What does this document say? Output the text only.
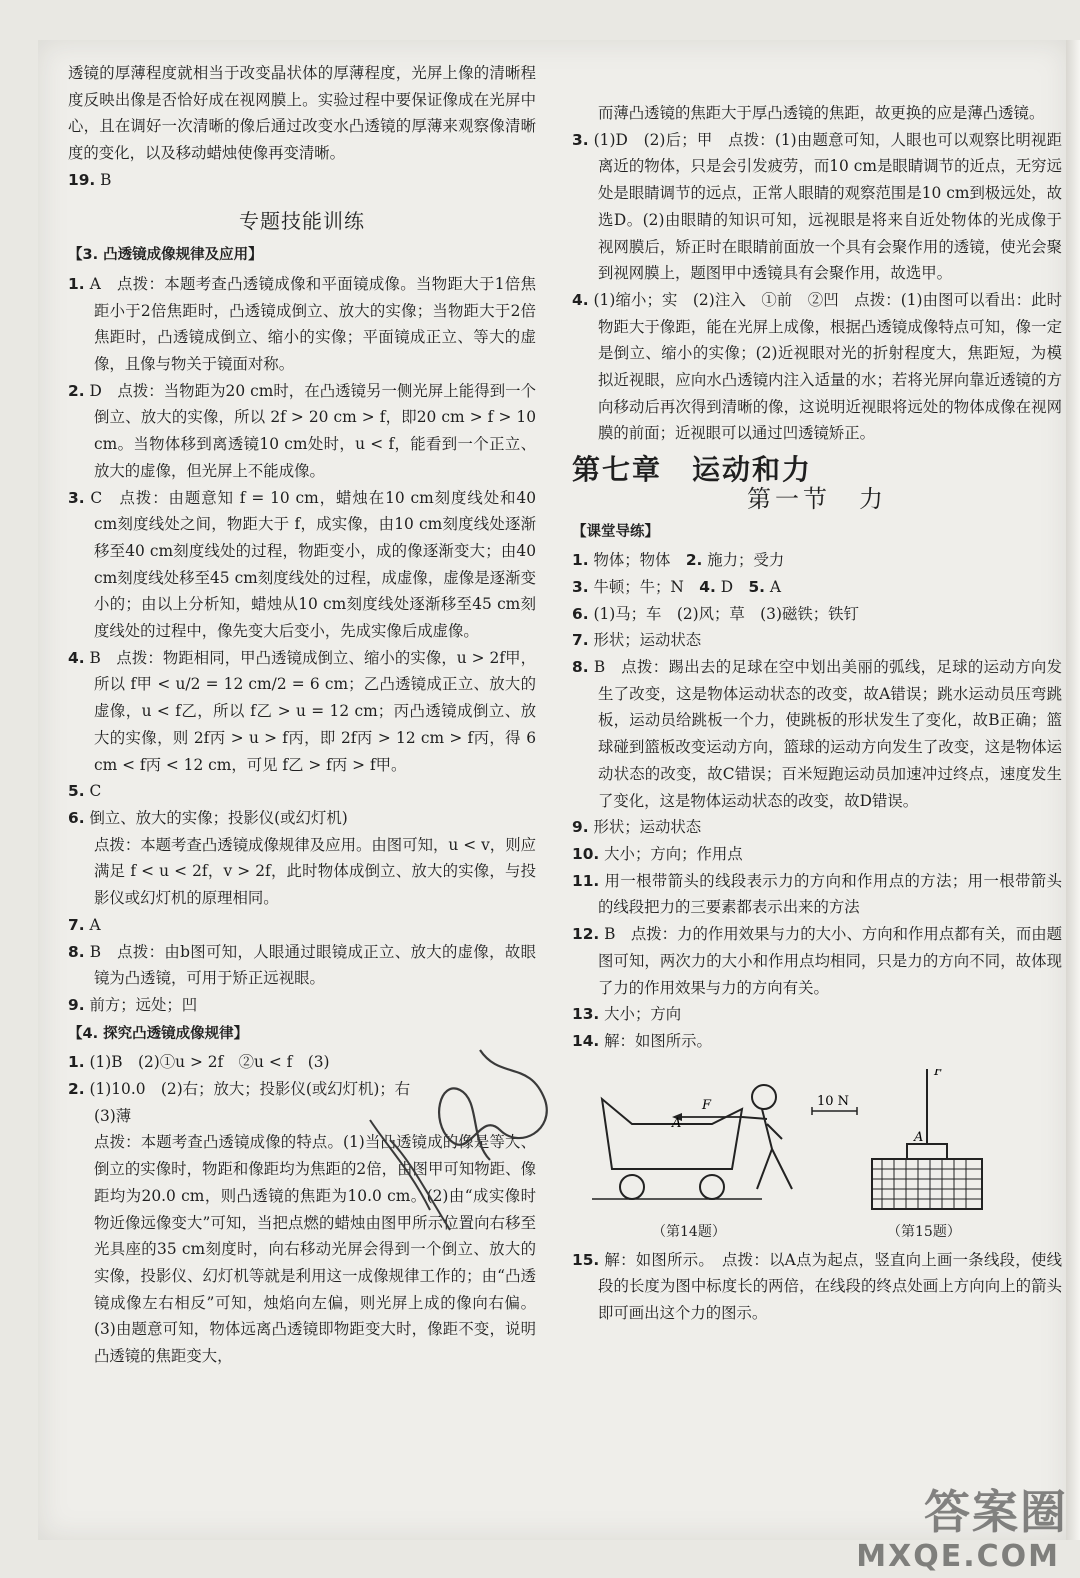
透镜的厚薄程度就相当于改变晶状体的厚薄程度，光屏上像的清晰程度反映出像是否恰好成在视网膜上。实验过程中要保证像成在光屏中心，且在调好一次清晰的像后通过改变水凸透镜的厚薄来观察像清晰度的变化，以及移动蜡烛使像再变清晰。

19. B

专题技能训练
【3. 凸透镜成像规律及应用】

1. A　点拨：本题考查凸透镜成像和平面镜成像。当物距大于1倍焦距小于2倍焦距时，凸透镜成倒立、放大的实像；当物距大于2倍焦距时，凸透镜成倒立、缩小的实像；平面镜成正立、等大的虚像，且像与物关于镜面对称。

2. D　点拨：当物距为20 cm时，在凸透镜另一侧光屏上能得到一个倒立、放大的实像，所以 2f > 20 cm > f，即20 cm > f > 10 cm。当物体移到离透镜10 cm处时，u < f，能看到一个正立、放大的虚像，但光屏上不能成像。

3. C　点拨：由题意知 f = 10 cm，蜡烛在10 cm刻度线处和40 cm刻度线处之间，物距大于 f，成实像，由10 cm刻度线处逐渐移至40 cm刻度线处的过程，物距变小，成的像逐渐变大；由40 cm刻度线处移至45 cm刻度线处的过程，成虚像，虚像是逐渐变小的；由以上分析知，蜡烛从10 cm刻度线处逐渐移至45 cm刻度线处的过程中，像先变大后变小，先成实像后成虚像。

4. B　点拨：物距相同，甲凸透镜成倒立、缩小的实像，u > 2f甲，所以 f甲 < u/2 = 12 cm/2 = 6 cm；乙凸透镜成正立、放大的虚像，u < f乙，所以 f乙 > u = 12 cm；丙凸透镜成倒立、放大的实像，则 2f丙 > u > f丙，即 2f丙 > 12 cm > f丙，得 6 cm < f丙 < 12 cm，可见 f乙 > f丙 > f甲。

5. C

6. 倒立、放大的实像；投影仪(或幻灯机)

点拨：本题考查凸透镜成像规律及应用。由图可知，u < v，则应满足 f < u < 2f，v > 2f，此时物体成倒立、放大的实像，与投影仪或幻灯机的原理相同。

7. A

8. B　点拨：由b图可知，人眼通过眼镜成正立、放大的虚像，故眼镜为凸透镜，可用于矫正远视眼。

9. 前方；远处；凹

【4. 探究凸透镜成像规律】

1. (1)B　(2)①u > 2f　②u < f　(3)

2. (1)10.0　(2)右；放大；投影仪(或幻灯机)；右

(3)薄

点拨：本题考查凸透镜成像的特点。(1)当凸透镜成的像是等大、倒立的实像时，物距和像距均为焦距的2倍，由图甲可知物距、像距均为20.0 cm，则凸透镜的焦距为10.0 cm。(2)由“成实像时物近像远像变大”可知，当把点燃的蜡烛由图甲所示位置向右移至光具座的35 cm刻度时，向右移动光屏会得到一个倒立、放大的实像，投影仪、幻灯机等就是利用这一成像规律工作的；由“凸透镜成像左右相反”可知，烛焰向左偏，则光屏上成的像向右偏。(3)由题意可知，物体远离凸透镜即物距变大时，像距不变，说明凸透镜的焦距变大，

而薄凸透镜的焦距大于厚凸透镜的焦距，故更换的应是薄凸透镜。

3. (1)D　(2)后；甲　点拨：(1)由题意可知，人眼也可以观察比明视距离近的物体，只是会引发疲劳，而10 cm是眼睛调节的近点，无穷远处是眼睛调节的远点，正常人眼睛的观察范围是10 cm到极远处，故选D。(2)由眼睛的知识可知，远视眼是将来自近处物体的光成像于视网膜后，矫正时在眼睛前面放一个具有会聚作用的透镜，使光会聚到视网膜上，题图甲中透镜具有会聚作用，故选甲。

4. (1)缩小；实　(2)注入　①前　②凹　点拨：(1)由图可以看出：此时物距大于像距，能在光屏上成像，根据凸透镜成像特点可知，像一定是倒立、缩小的实像；(2)近视眼对光的折射程度大，焦距短，为模拟近视眼，应向水凸透镜内注入适量的水；若将光屏向靠近透镜的方向移动后再次得到清晰的像，这说明近视眼将远处的物体成像在视网膜的前面；近视眼可以通过凹透镜矫正。

第七章　运动和力
第一节　力
【课堂导练】

1. 物体；物体　2. 施力；受力

3. 牛顿；牛；N　4. D　5. A

6. (1)马；车　(2)风；草　(3)磁铁；铁钉

7. 形状；运动状态

8. B　点拨：踢出去的足球在空中划出美丽的弧线，足球的运动方向发生了改变，这是物体运动状态的改变，故A错误；跳水运动员压弯跳板，运动员给跳板一个力，使跳板的形状发生了变化，故B正确；篮球碰到篮板改变运动方向，篮球的运动方向发生了改变，这是物体运动状态的改变，故C错误；百米短跑运动员加速冲过终点，速度发生了变化，这是物体运动状态的改变，故D错误。

9. 形状；运动状态

10. 大小；方向；作用点

11. 用一根带箭头的线段表示力的方向和作用点的方法；用一根带箭头的线段把力的三要素都表示出来的方法

12. B　点拨：力的作用效果与力的大小、方向和作用点都有关，而由题图可知，两次力的大小和作用点均相同，只是力的方向不同，故体现了力的作用效果与力的方向有关。

13. 大小；方向

14. 解：如图所示。

A
F	10 N
A
F
（第14题）	（第15题）

15. 解：如图所示。　点拨：以A点为起点，竖直向上画一条线段，使线段的长度为图中标度长的两倍，在线段的终点处画上方向向上的箭头即可画出这个力的图示。

答案圈
MXQE.COM
